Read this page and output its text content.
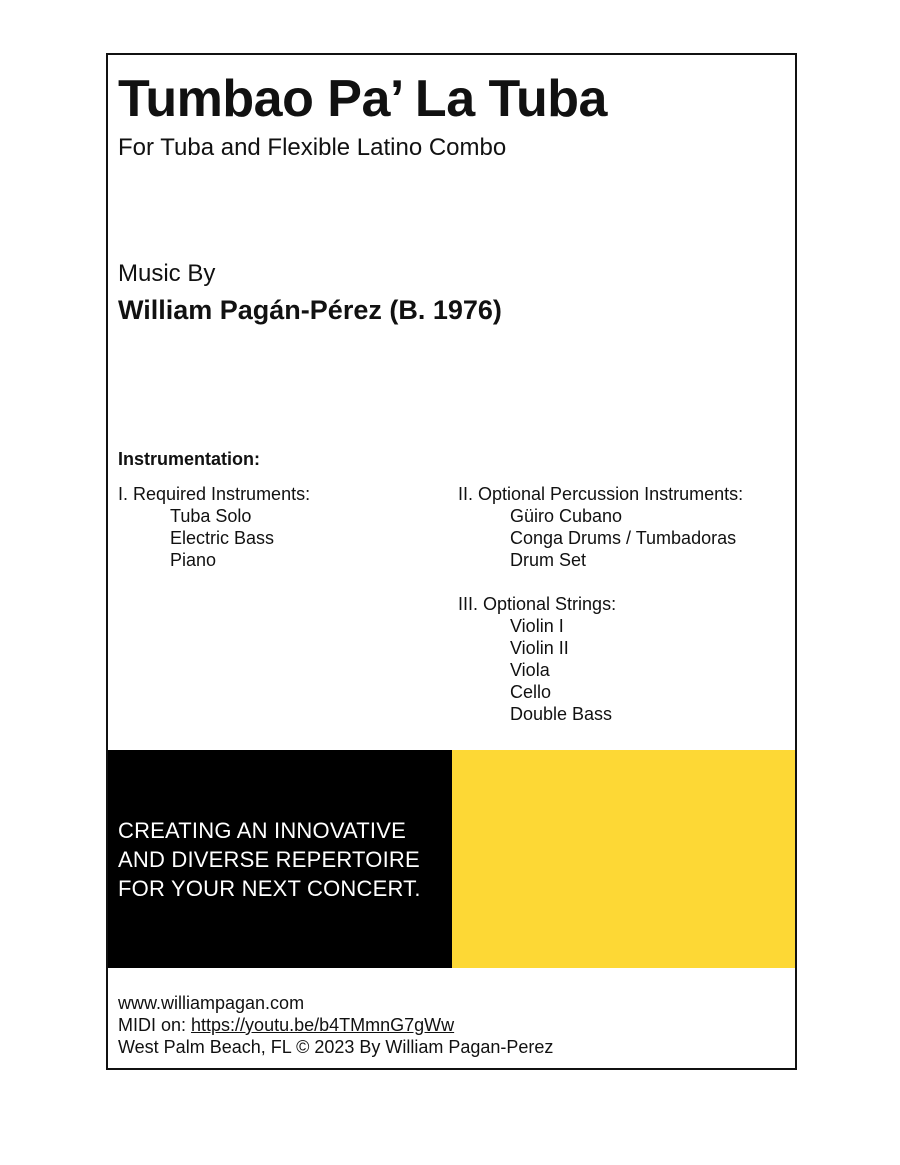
Tumbao Pa’ La Tuba
For Tuba and Flexible Latino Combo
Music By
William Pagán-Pérez (B. 1976)
Instrumentation:
I. Required Instruments:
Tuba Solo
Electric Bass
Piano
II. Optional Percussion Instruments:
Güiro Cubano
Conga Drums / Tumbadoras
Drum Set
III. Optional Strings:
Violin I
Violin II
Viola
Cello
Double Bass
CREATING AN INNOVATIVE
AND DIVERSE REPERTOIRE
FOR YOUR NEXT CONCERT.
www.williampagan.com
MIDI on: https://youtu.be/b4TMmnG7gWw
West Palm Beach, FL © 2023 By William Pagan-Perez
